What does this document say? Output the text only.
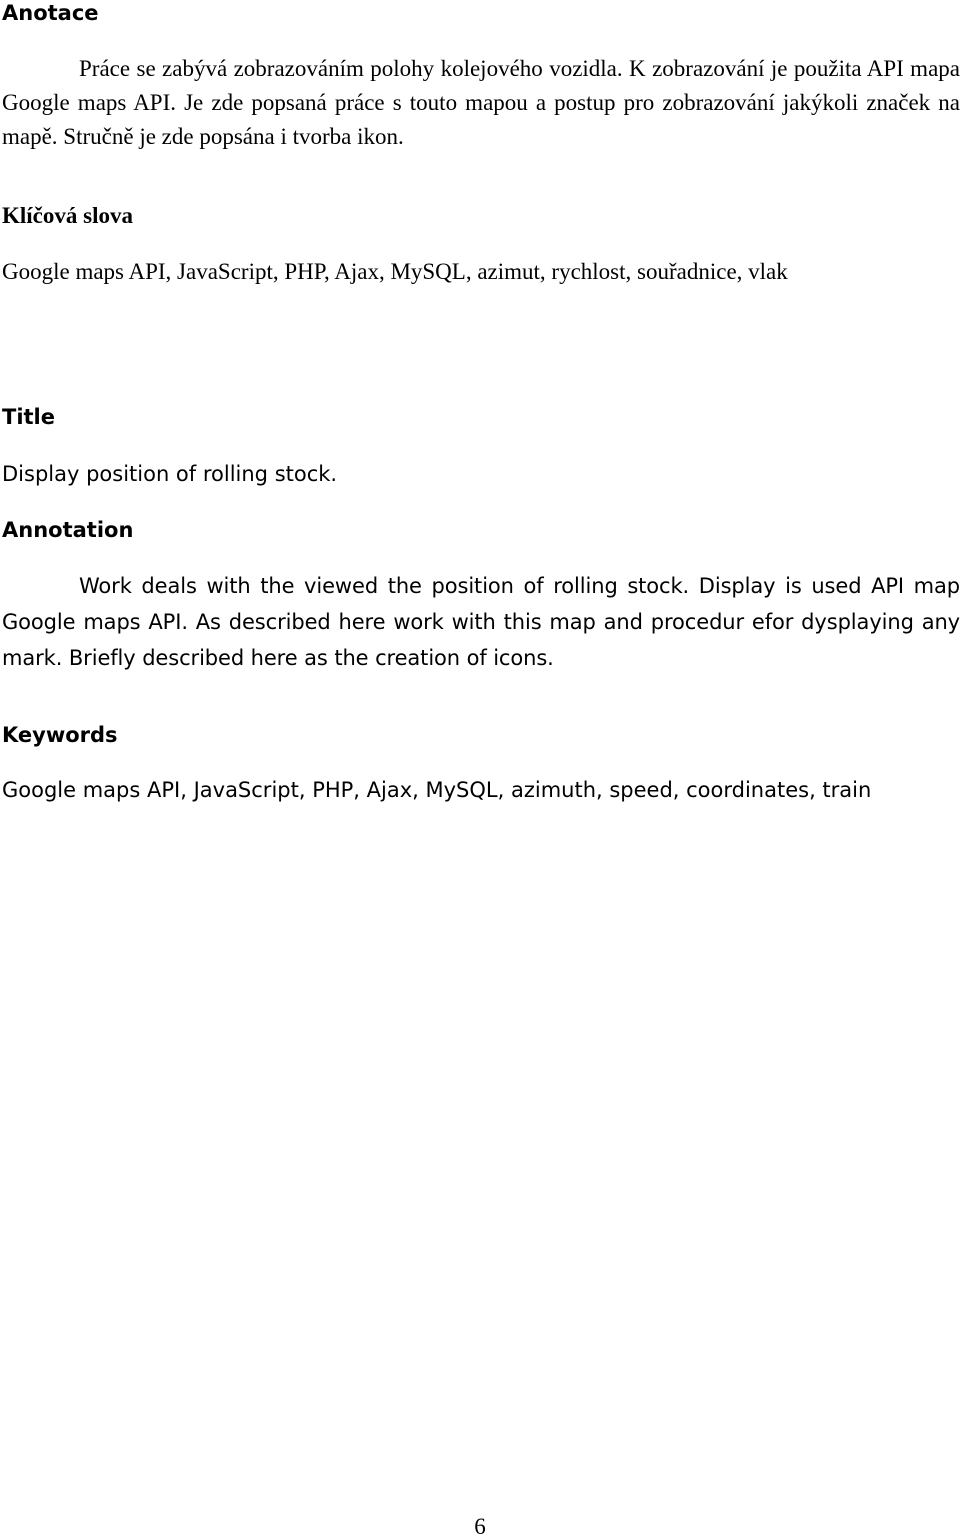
Anotace

Práce se zabývá zobrazováním polohy kolejového vozidla. K zobrazování je použita API mapa Google maps API. Je zde popsaná práce s touto mapou a postup pro zobrazování jakýkoli značek na mapě. Stručně je zde popsána i tvorba ikon.

Klíčová slova

Google maps API, JavaScript, PHP, Ajax, MySQL, azimut, rychlost, souřadnice, vlak

Title

Display position of rolling stock.

Annotation

Work deals with the viewed the position of rolling stock. Display is used API map Google maps API. As described here work with this map and procedur efor dysplaying any mark. Briefly described here as the creation of icons.

Keywords

Google maps API, JavaScript, PHP, Ajax, MySQL, azimuth, speed, coordinates, train

6
